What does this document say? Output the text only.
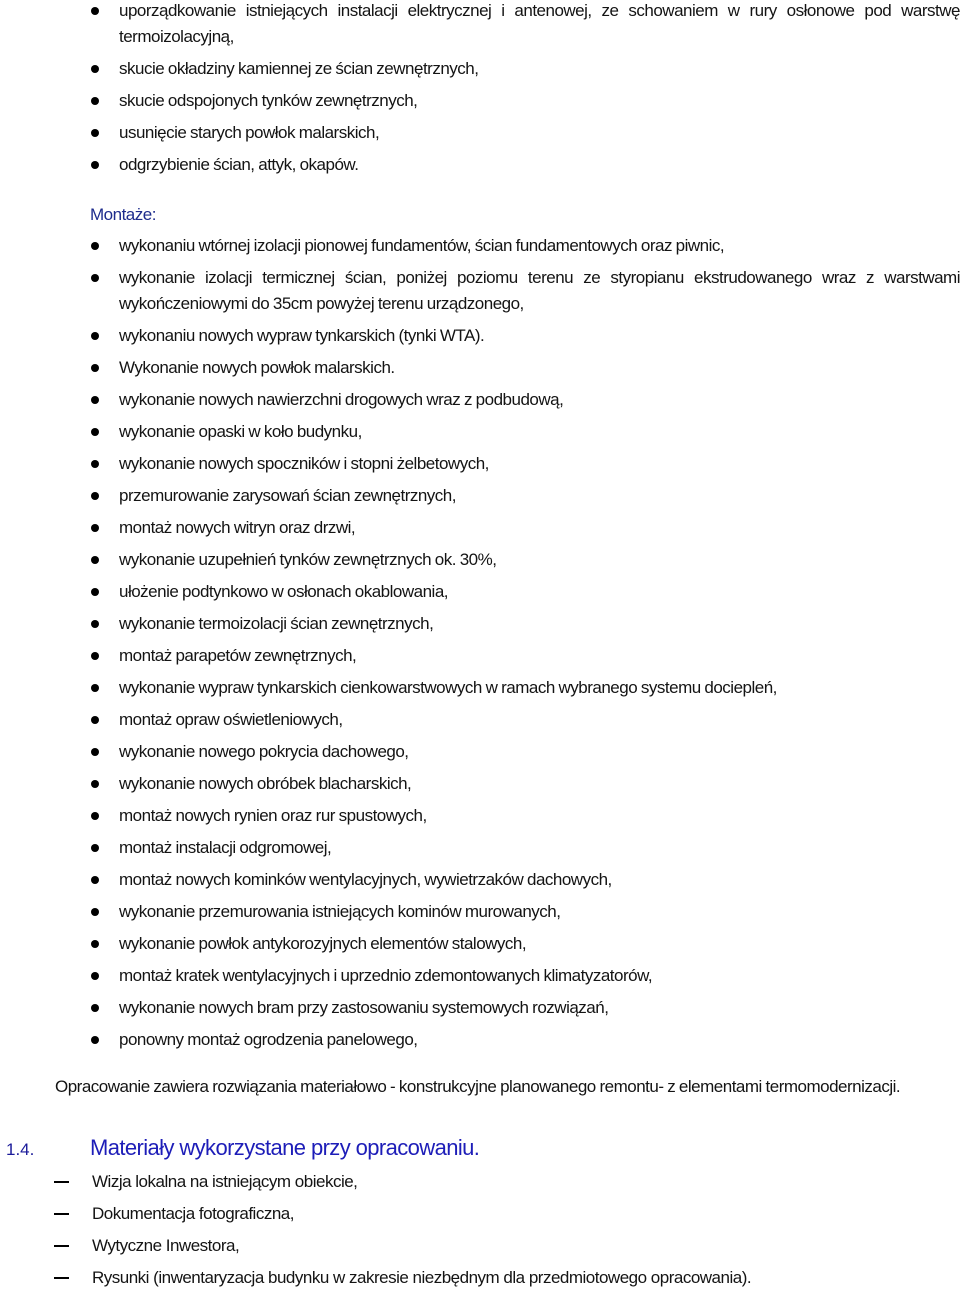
uporządkowanie istniejących instalacji elektrycznej i antenowej, ze schowaniem w rury osłonowe pod warstwę termoizolacyjną,
skucie okładziny kamiennej ze ścian zewnętrznych,
skucie odspojonych tynków zewnętrznych,
usunięcie starych powłok malarskich,
odgrzybienie ścian, attyk, okapów.
Montaże:
wykonaniu wtórnej izolacji pionowej fundamentów, ścian fundamentowych oraz piwnic,
wykonanie izolacji termicznej ścian, poniżej poziomu terenu ze styropianu ekstrudowanego wraz z warstwami wykończeniowymi do 35cm powyżej terenu urządzonego,
wykonaniu nowych wypraw tynkarskich (tynki WTA).
Wykonanie nowych powłok malarskich.
wykonanie nowych nawierzchni drogowych wraz z podbudową,
wykonanie opaski w koło budynku,
wykonanie nowych spoczników i stopni żelbetowych,
przemurowanie zarysowań ścian zewnętrznych,
montaż nowych witryn oraz drzwi,
wykonanie uzupełnień tynków zewnętrznych ok. 30%,
ułożenie podtynkowo w osłonach okablowania,
wykonanie termoizolacji ścian zewnętrznych,
montaż parapetów zewnętrznych,
wykonanie wypraw tynkarskich cienkowarstwowych w ramach wybranego systemu dociepleń,
montaż opraw oświetleniowych,
wykonanie nowego pokrycia dachowego,
wykonanie nowych obróbek blacharskich,
montaż nowych rynien oraz rur spustowych,
montaż instalacji odgromowej,
montaż nowych kominków wentylacyjnych, wywietrzaków dachowych,
wykonanie przemurowania istniejących kominów murowanych,
wykonanie powłok antykorozyjnych elementów stalowych,
montaż kratek wentylacyjnych i uprzednio zdemontowanych klimatyzatorów,
wykonanie nowych bram przy zastosowaniu systemowych rozwiązań,
ponowny montaż ogrodzenia panelowego,

Opracowanie zawiera rozwiązania materiałowo - konstrukcyjne planowanego remontu- z elementami termomodernizacji.

1.4.	Materiały wykorzystane przy opracowaniu.
Wizja lokalna na istniejącym obiekcie,
Dokumentacja fotograficzna,
Wytyczne Inwestora,
Rysunki (inwentaryzacja budynku w zakresie niezbędnym dla przedmiotowego opracowania).
